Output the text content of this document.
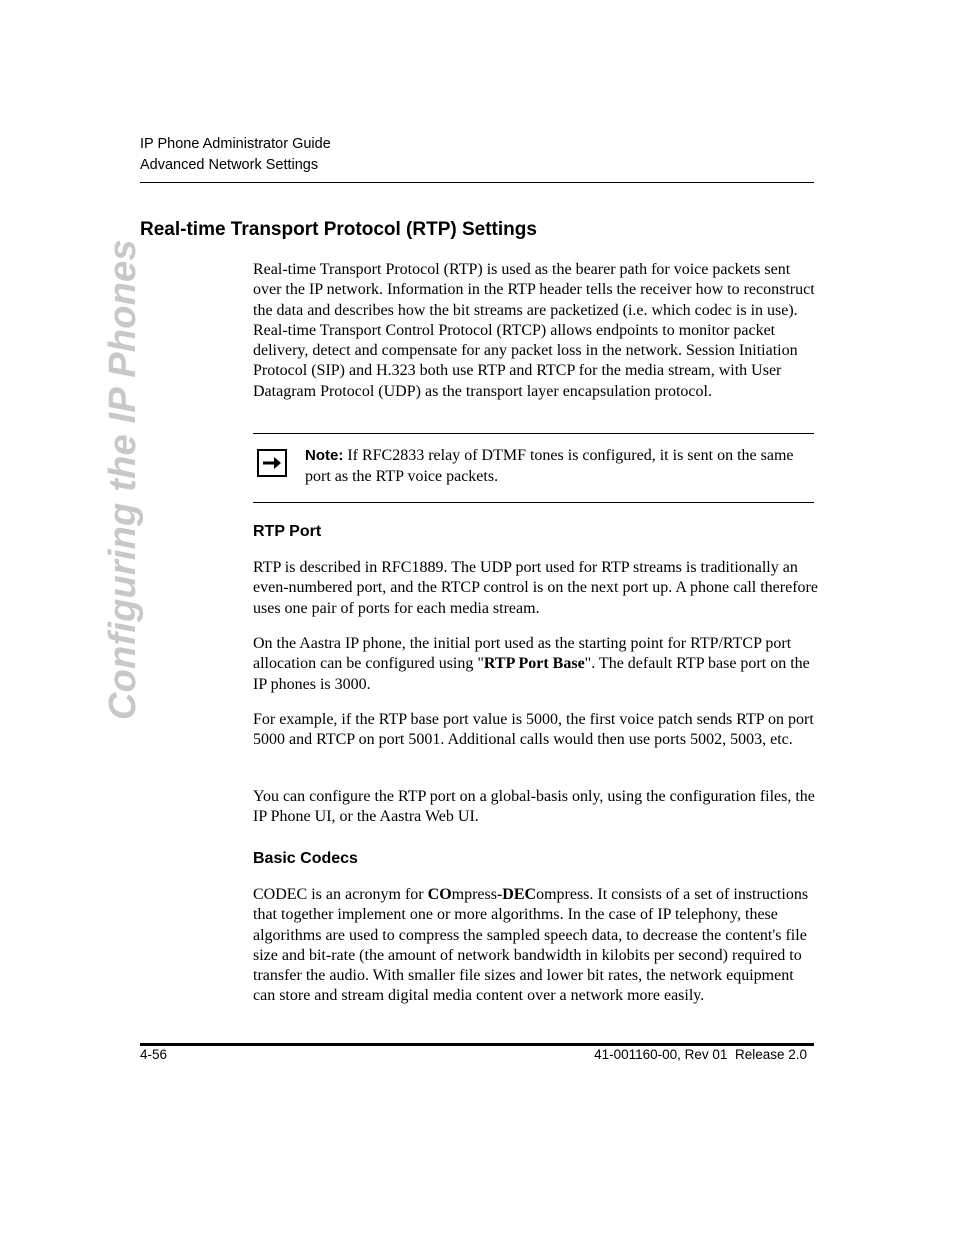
IP Phone Administrator Guide
Advanced Network Settings
Configuring the IP Phones
Real-time Transport Protocol (RTP) Settings
Real-time Transport Protocol (RTP) is used as the bearer path for voice packets sent over the IP network. Information in the RTP header tells the receiver how to reconstruct the data and describes how the bit streams are packetized (i.e. which codec is in use). Real-time Transport Control Protocol (RTCP) allows endpoints to monitor packet delivery, detect and compensate for any packet loss in the network. Session Initiation Protocol (SIP) and H.323 both use RTP and RTCP for the media stream, with User Datagram Protocol (UDP) as the transport layer encapsulation protocol.
Note: If RFC2833 relay of DTMF tones is configured, it is sent on the same port as the RTP voice packets.
RTP Port
RTP is described in RFC1889. The UDP port used for RTP streams is traditionally an even-numbered port, and the RTCP control is on the next port up. A phone call therefore uses one pair of ports for each media stream.
On the Aastra IP phone, the initial port used as the starting point for RTP/RTCP port allocation can be configured using "RTP Port Base". The default RTP base port on the IP phones is 3000.
For example, if the RTP base port value is 5000, the first voice patch sends RTP on port 5000 and RTCP on port 5001. Additional calls would then use ports 5002, 5003, etc.
You can configure the RTP port on a global-basis only, using the configuration files, the IP Phone UI, or the Aastra Web UI.
Basic Codecs
CODEC is an acronym for COmpress-DECompress. It consists of a set of instructions that together implement one or more algorithms. In the case of IP telephony, these algorithms are used to compress the sampled speech data, to decrease the content's file size and bit-rate (the amount of network bandwidth in kilobits per second) required to transfer the audio. With smaller file sizes and lower bit rates, the network equipment can store and stream digital media content over a network more easily.
4-56	41-001160-00, Rev 01  Release 2.0
